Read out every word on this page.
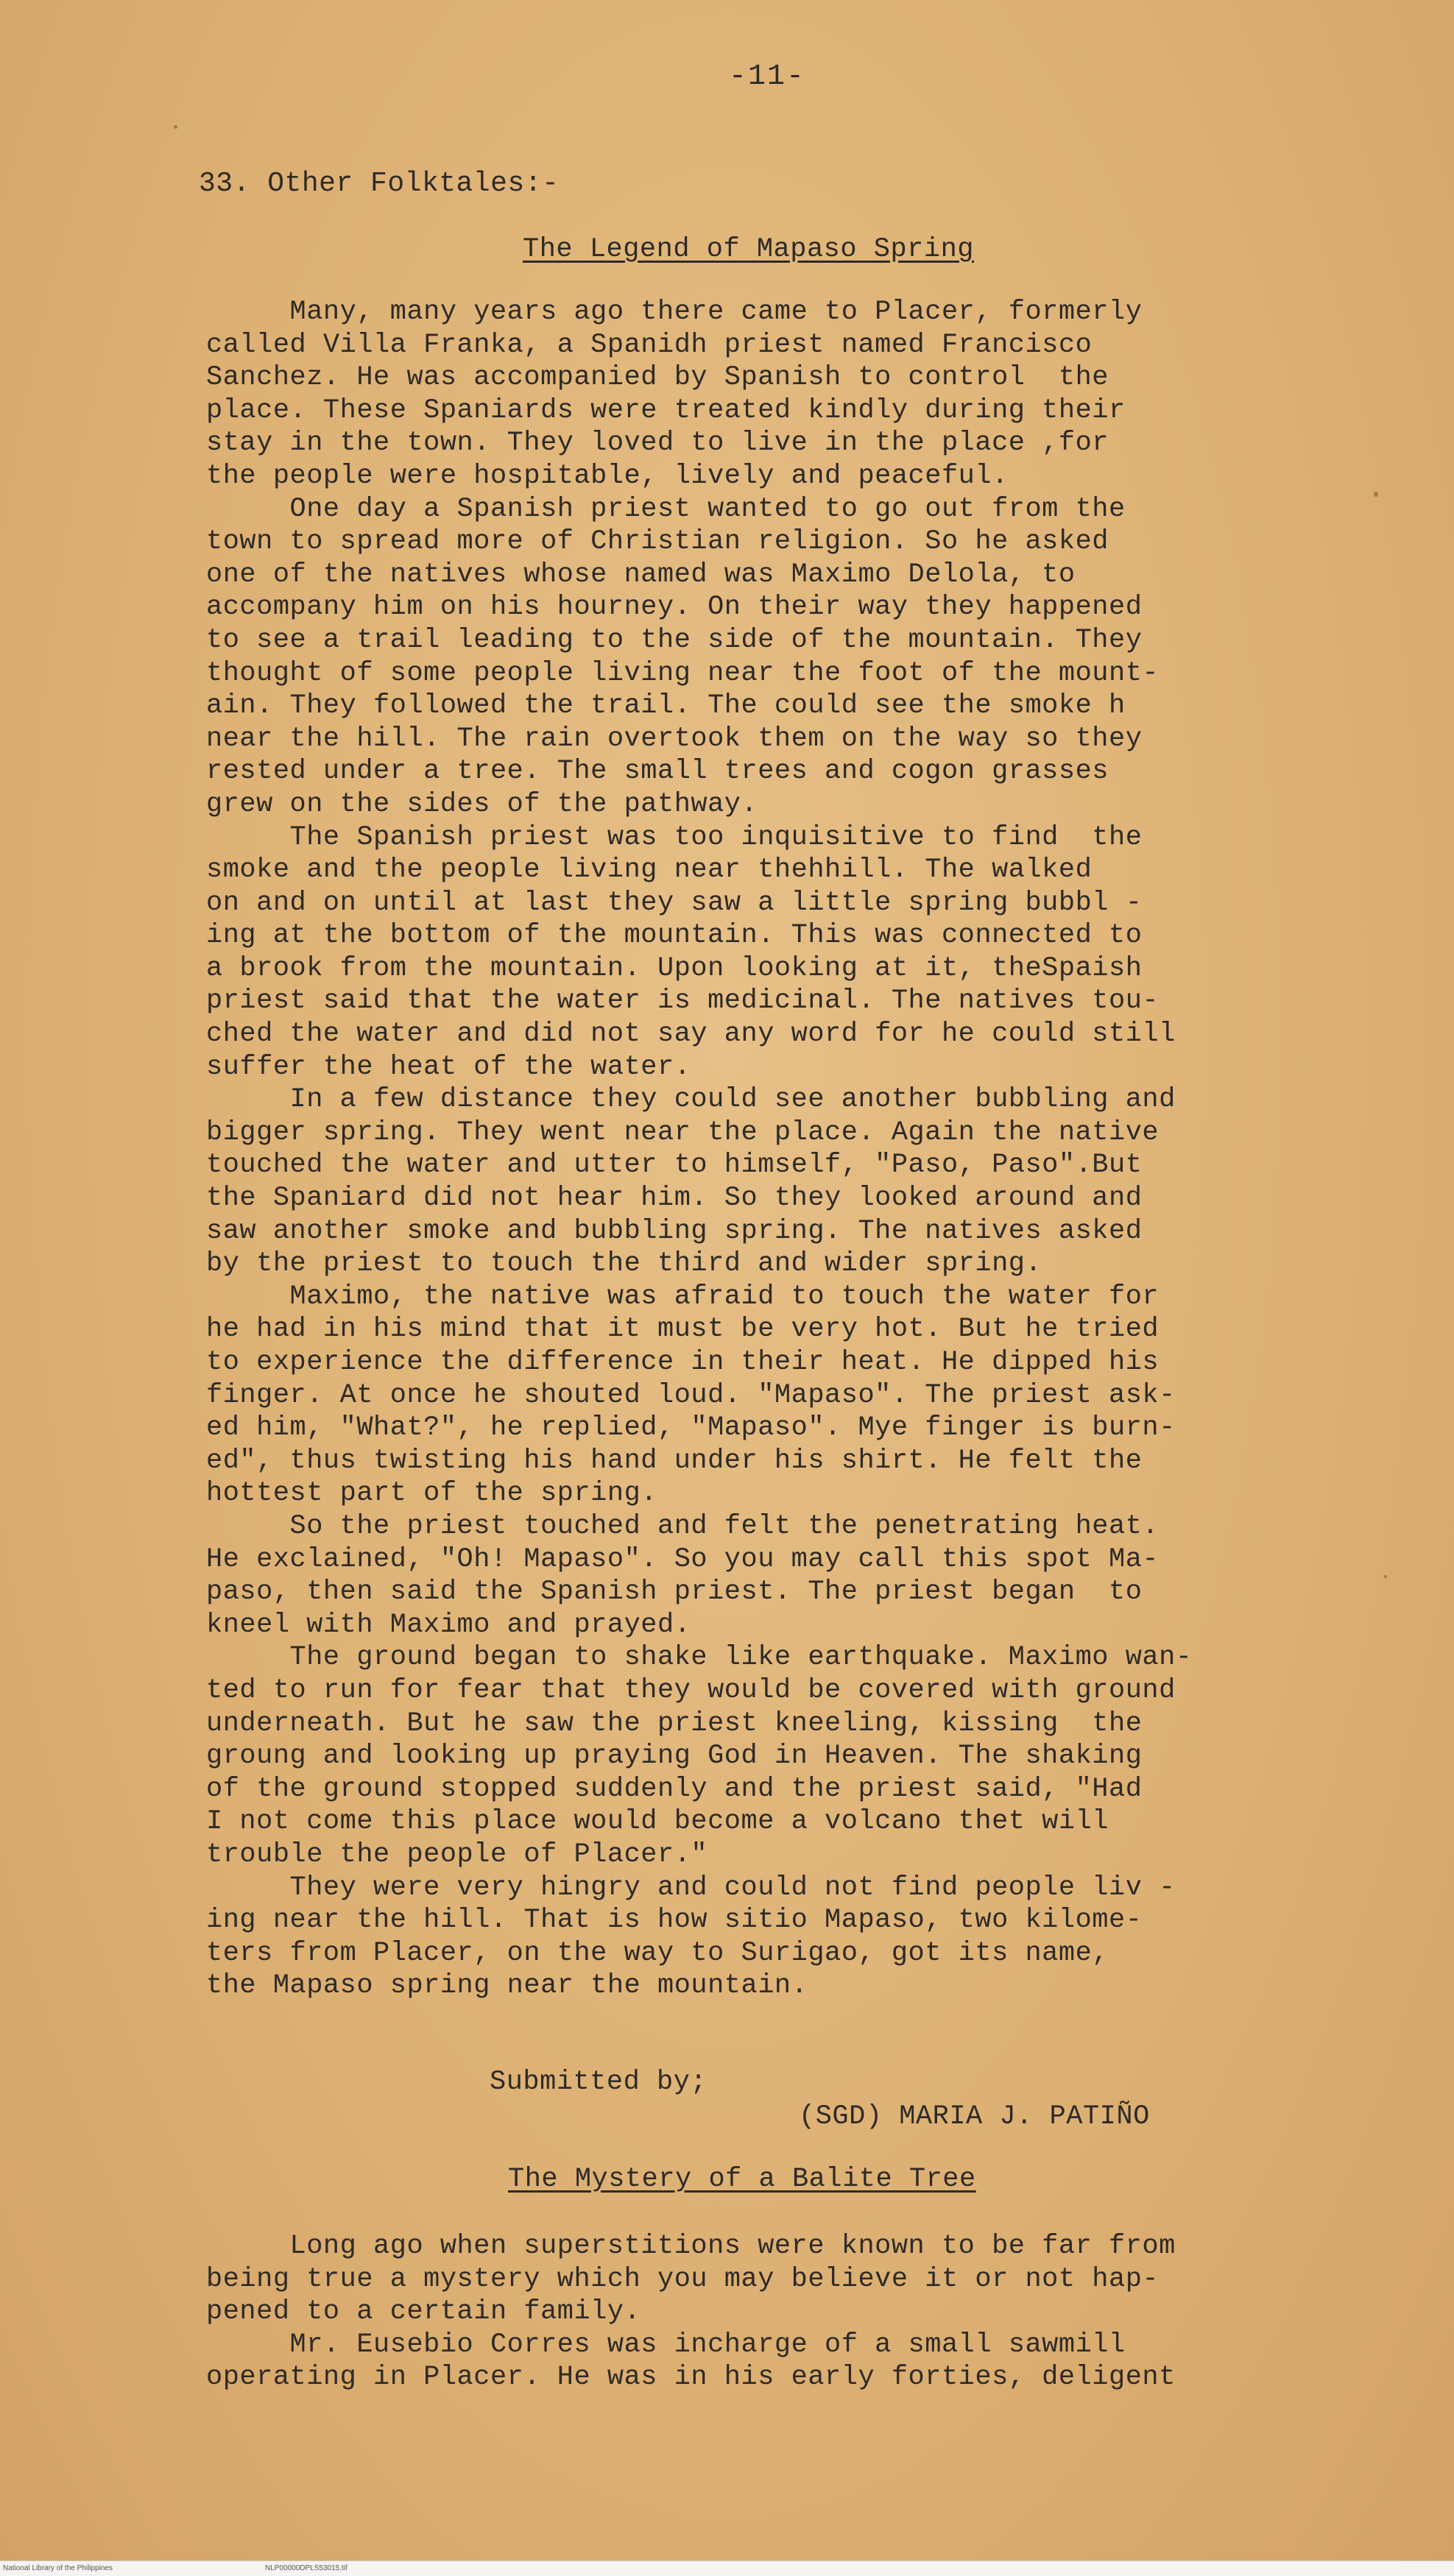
-11-
33. Other Folktales:-
The Legend of Mapaso Spring
Many, many years ago there came to Placer, formerly
called Villa Franka, a Spanidh priest named Francisco
Sanchez. He was accompanied by Spanish to control  the
place. These Spaniards were treated kindly during their
stay in the town. They loved to live in the place ,for
the people were hospitable, lively and peaceful.
One day a Spanish priest wanted to go out from the
town to spread more of Christian religion. So he asked
one of the natives whose named was Maximo Delola, to
accompany him on his hourney. On their way they happened
to see a trail leading to the side of the mountain. They
thought of some people living near the foot of the mount-
ain. They followed the trail. The could see the smoke h
near the hill. The rain overtook them on the way so they
rested under a tree. The small trees and cogon grasses
grew on the sides of the pathway.
The Spanish priest was too inquisitive to find  the
smoke and the people living near thehhill. The walked
on and on until at last they saw a little spring bubbl -
ing at the bottom of the mountain. This was connected to
a brook from the mountain. Upon looking at it, theSpaish
priest said that the water is medicinal. The natives tou-
ched the water and did not say any word for he could still
suffer the heat of the water.
In a few distance they could see another bubbling and
bigger spring. They went near the place. Again the native
touched the water and utter to himself, "Paso, Paso".But
the Spaniard did not hear him. So they looked around and
saw another smoke and bubbling spring. The natives asked
by the priest to touch the third and wider spring.
Maximo, the native was afraid to touch the water for
he had in his mind that it must be very hot. But he tried
to experience the difference in their heat. He dipped his
finger. At once he shouted loud. "Mapaso". The priest ask-
ed him, "What?", he replied, "Mapaso". Mye finger is burn-
ed", thus twisting his hand under his shirt. He felt the
hottest part of the spring.
So the priest touched and felt the penetrating heat.
He exclained, "Oh! Mapaso". So you may call this spot Ma-
paso, then said the Spanish priest. The priest began  to
kneel with Maximo and prayed.
The ground began to shake like earthquake. Maximo wan-
ted to run for fear that they would be covered with ground
underneath. But he saw the priest kneeling, kissing  the
groung and looking up praying God in Heaven. The shaking
of the ground stopped suddenly and the priest said, "Had
I not come this place would become a volcano thet will
trouble the people of Placer."
They were very hingry and could not find people liv -
ing near the hill. That is how sitio Mapaso, two kilome-
ters from Placer, on the way to Surigao, got its name,
the Mapaso spring near the mountain.
Submitted by;
(SGD) MARIA J. PATIÑO
The Mystery of a Balite Tree
Long ago when superstitions were known to be far from
being true a mystery which you may believe it or not hap-
pened to a certain family.
Mr. Eusebio Corres was incharge of a small sawmill
operating in Placer. He was in his early forties, deligent
National Library of the Philippines	NLP00000DPLS53015.tif
